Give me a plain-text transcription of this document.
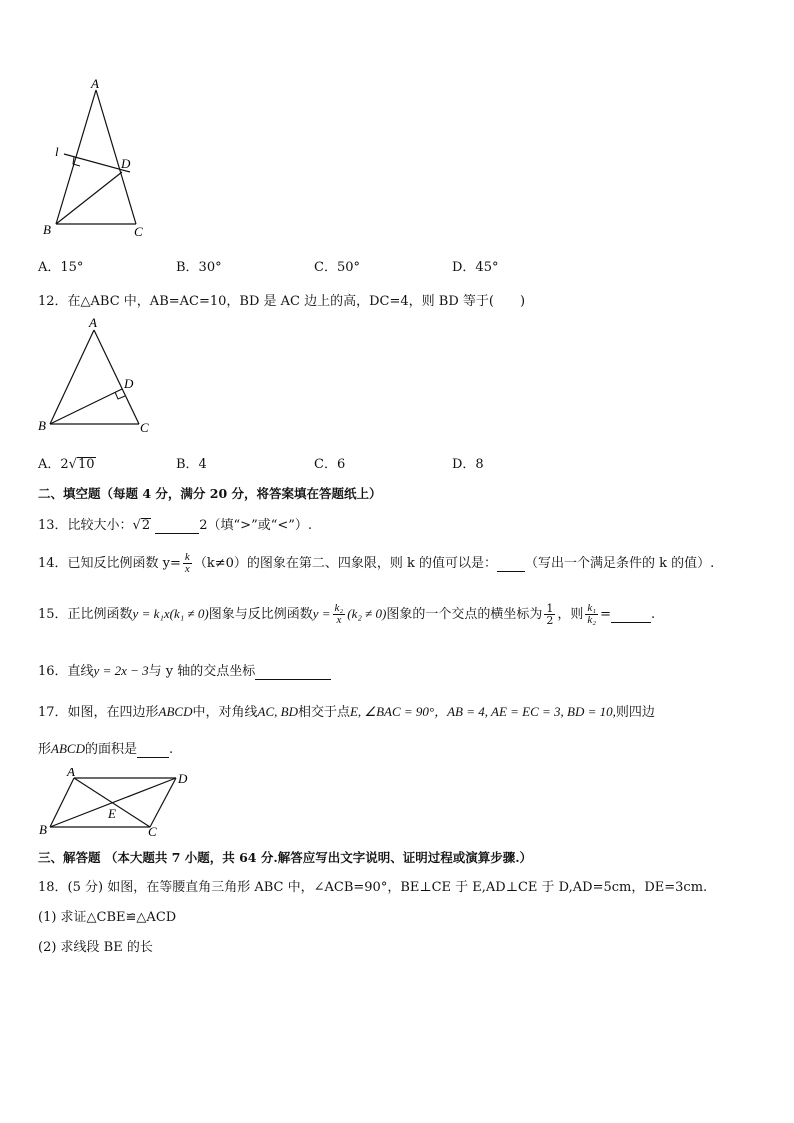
A
l
D
B	C
A．15°	B．30°	C．50°	D．45°
12．在△ABC 中，AB=AC=10，BD 是 AC 边上的高，DC=4，则 BD 等于(　　)
A
D
B	C
A．2√10	B．4	C．6	D．8
二、填空题（每题 4 分，满分 20 分，将答案填在答题纸上）
13．比较大小：√2	2（填“>”或“<”）.
14．已知反比例函数 $y= \frac{k}{x} (k\ne 0)$的图象在第二、四象限，则 k 的值可以是： （写出一个满足条件的 k 的值）.
15．正比例函数y = k₁x(k₁ ≠ 0)图象与反比例函数$y = \frac{\text{k₂}}{x} (k_2 \ne 0)$图象的一个交点的横坐标为 $\frac{1}{2}$ ，则 $\frac{\text{k₁}}{\text{k₂}}$ =	.
16．直线y = 2x − 3与 y 轴的交点坐标
17．如图，在四边形ABCD中，对角线AC, BD相交于点E, ∠BAC = 90°，AB = 4, AE = EC = 3, BD = 10,则四边
形ABCD的面积是 .
A	D
E
B	C
三、解答题 （本大题共 7 小题，共 64 分.解答应写出文字说明、证明过程或演算步骤.）
18．(5 分) 如图，在等腰直角三角形 ABC 中，∠ACB=90°，BE⊥CE 于 E,AD⊥CE 于 D,AD=5cm，DE=3cm.
(1) 求证△CBE≌△ACD
(2) 求线段 BE 的长
